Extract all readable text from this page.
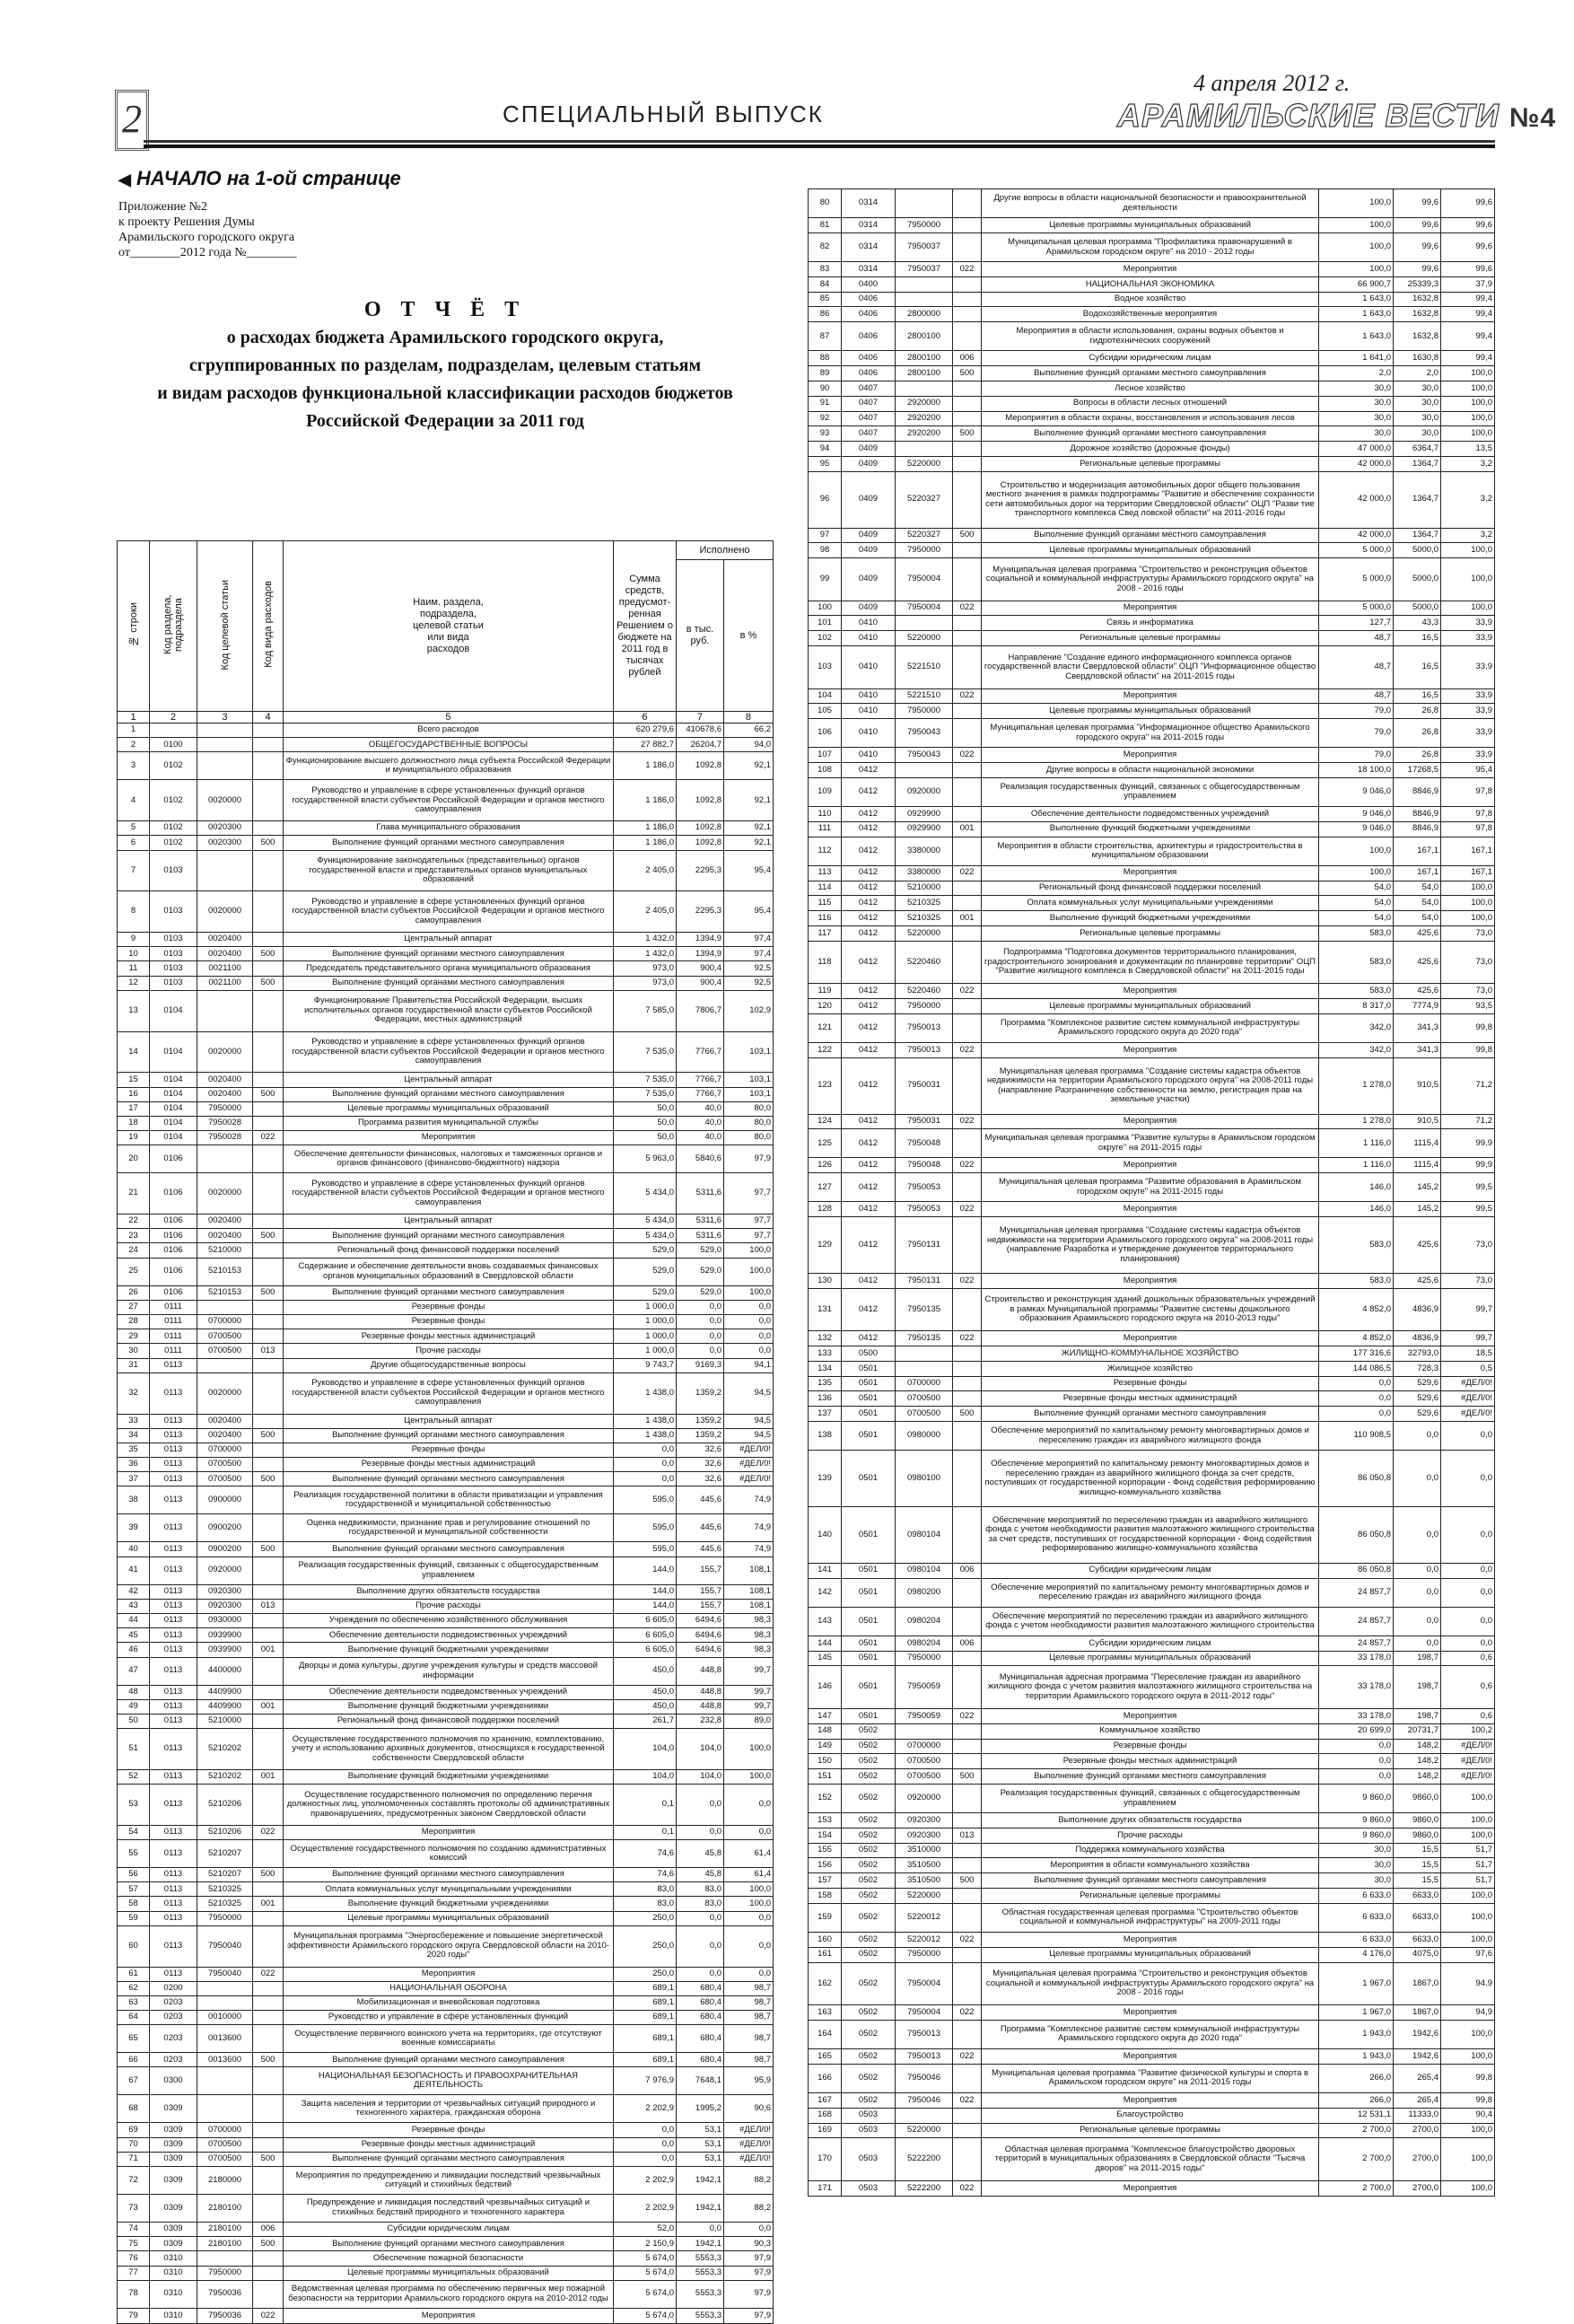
2	СПЕЦИАЛЬНЫЙ ВЫПУСК
4 апреля 2012 г.
АРАМИЛЬСКИЕ ВЕСТИ №4
◀ НАЧАЛО на 1-ой странице
Приложение №2
к проекту Решения Думы
Арамильского городского округа
от________2012 года №________
О Т Ч Ё Т
о расходах бюджета Арамильского городского округа,
сгруппированных по разделам, подразделам, целевым статьям
и видам расходов функциональной классификации расходов бюджетов
Российской Федерации за 2011 год
№ строки	Код раздела, подраздела	Код целевой статьи	Код вида расходов	Наим. раздела, подраздела, целевой статьи или вида расходов	Сумма средств, предусмот-ренная Решением о бюджете на 2011 год в тысячах рублей	Исполнено	
						в тыс. руб.	в %
1	2	3	4	5	6	7	8
1				Всего расходов	620 279,6	410678,6	66,2
2	0100			ОБЩЕГОСУДАРСТВЕННЫЕ ВОПРОСЫ	27 882,7	26204,7	94,0
3	0102			Функционирование высшего должностного лица субъекта Российской Федерации и муниципального образования	1 186,0	1092,8	92,1
4	0102	0020000		Руководство и управление в сфере установленных функций органов государственной власти субъектов Российской Федерации и органов местного самоуправления	1 186,0	1092,8	92,1
5	0102	0020300		Глава муниципального образования	1 186,0	1092,8	92,1
6	0102	0020300	500	Выполнение функций органами местного самоуправления	1 186,0	1092,8	92,1
7	0103			Функционирование законодательных (представительных) органов государственной власти и представительных органов муниципальных образований	2 405,0	2295,3	95,4
8	0103	0020000		Руководство и управление в сфере установленных функций органов государственной власти субъектов Российской Федерации и органов местного самоуправления	2 405,0	2295,3	95,4
9	0103	0020400		Центральный аппарат	1 432,0	1394,9	97,4
10	0103	0020400	500	Выполнение функций органами местного самоуправления	1 432,0	1394,9	97,4
11	0103	0021100		Председатель представительного органа муниципального образования	973,0	900,4	92,5
12	0103	0021100	500	Выполнение функций органами местного самоуправления	973,0	900,4	92,5
13	0104			Функционирование Правительства Российской Федерации, высших исполнительных органов государственной власти субъектов Российской Федерации, местных администраций	7 585,0	7806,7	102,9
14	0104	0020000		Руководство и управление в сфере установленных функций органов государственной власти субъектов Российской Федерации и органов местного самоуправления	7 535,0	7766,7	103,1
15	0104	0020400		Центральный аппарат	7 535,0	7766,7	103,1
16	0104	0020400	500	Выполнение функций органами местного самоуправления	7 535,0	7766,7	103,1
17	0104	7950000		Целевые программы муниципальных образований	50,0	40,0	80,0
18	0104	7950028		Программа развития муниципальной службы	50,0	40,0	80,0
19	0104	7950028	022	Мероприятия	50,0	40,0	80,0
20	0106			Обеспечение деятельности финансовых, налоговых и таможенных органов и органов финансового (финансово-бюджетного) надзора	5 963,0	5840,6	97,9
21	0106	0020000		Руководство и управление в сфере установленных функций органов государственной власти субъектов Российской Федерации и органов местного самоуправления	5 434,0	5311,6	97,7
22	0106	0020400		Центральный аппарат	5 434,0	5311,6	97,7
23	0106	0020400	500	Выполнение функций органами местного самоуправления	5 434,0	5311,6	97,7
24	0106	5210000		Региональный фонд финансовой поддержки поселений	529,0	529,0	100,0
25	0106	5210153		Содержание и обеспечение деятельности вновь создаваемых финансовых органов муниципальных образований в Свердловской области	529,0	529,0	100,0
26	0106	5210153	500	Выполнение функций органами местного самоуправления	529,0	529,0	100,0
27	0111			Резервные фонды	1 000,0	0,0	0,0
28	0111	0700000		Резервные фонды	1 000,0	0,0	0,0
29	0111	0700500		Резервные фонды местных администраций	1 000,0	0,0	0,0
30	0111	0700500	013	Прочие расходы	1 000,0	0,0	0,0
31	0113			Другие общегосударственные вопросы	9 743,7	9169,3	94,1
32	0113	0020000		Руководство и управление в сфере установленных функций органов государственной власти субъектов Российской Федерации и органов местного самоуправления	1 438,0	1359,2	94,5
33	0113	0020400		Центральный аппарат	1 438,0	1359,2	94,5
34	0113	0020400	500	Выполнение функций органами местного самоуправления	1 438,0	1359,2	94,5
35	0113	0700000		Резервные фонды	0,0	32,6	#ДЕЛ/0!
36	0113	0700500		Резервные фонды местных администраций	0,0	32,6	#ДЕЛ/0!
37	0113	0700500	500	Выполнение функций органами местного самоуправления	0,0	32,6	#ДЕЛ/0!
38	0113	0900000		Реализация государственной политики в области приватизации и управления государственной и муниципальной собственностью	595,0	445,6	74,9
39	0113	0900200		Оценка недвижимости, признание прав и регулирование отношений по государственной и муниципальной собственности	595,0	445,6	74,9
40	0113	0900200	500	Выполнение функций органами местного самоуправления	595,0	445,6	74,9
41	0113	0920000		Реализация государственных функций, связанных с общегосударственным управлением	144,0	155,7	108,1
42	0113	0920300		Выполнение других обязательств государства	144,0	155,7	108,1
43	0113	0920300	013	Прочие расходы	144,0	155,7	108,1
44	0113	0930000		Учреждения по обеспечению хозяйственного обслуживания	6 605,0	6494,6	98,3
45	0113	0939900		Обеспечение деятельности подведомственных учреждений	6 605,0	6494,6	98,3
46	0113	0939900	001	Выполнение функций бюджетными учреждениями	6 605,0	6494,6	98,3
47	0113	4400000		Дворцы и дома культуры, другие учреждения культуры и средств массовой информации	450,0	448,8	99,7
48	0113	4409900		Обеспечение деятельности подведомственных учреждений	450,0	448,8	99,7
49	0113	4409900	001	Выполнение функций бюджетными учреждениями	450,0	448,8	99,7
50	0113	5210000		Региональный фонд финансовой поддержки поселений	261,7	232,8	89,0
51	0113	5210202		Осуществление государственного полномочия по хранению, комплектованию, учету и использованию архивных документов, относящихся к государственной собственности Свердловской области	104,0	104,0	100,0
52	0113	5210202	001	Выполнение функций бюджетными учреждениями	104,0	104,0	100,0
53	0113	5210206		Осуществление государственного полномочия по определению перечня должностных лиц, уполномоченных составлять протоколы об административных правонарушениях, предусмотренных законом Свердловской области	0,1	0,0	0,0
54	0113	5210206	022	Мероприятия	0,1	0,0	0,0
55	0113	5210207		Осуществление государственного полномочия по созданию административных комиссий	74,6	45,8	61,4
56	0113	5210207	500	Выполнение функций органами местного самоуправления	74,6	45,8	61,4
57	0113	5210325		Оплата коммунальных услуг муниципальными учреждениями	83,0	83,0	100,0
58	0113	5210325	001	Выполнение функций бюджетными учреждениями	83,0	83,0	100,0
59	0113	7950000		Целевые программы муниципальных образований	250,0	0,0	0,0
60	0113	7950040		Муниципальная программа "Энергосбережение и повышение энергетической эффективности Арамильского городского округа Свердловской области на 2010-2020 годы"	250,0	0,0	0,0
61	0113	7950040	022	Мероприятия	250,0	0,0	0,0
62	0200			НАЦИОНАЛЬНАЯ ОБОРОНА	689,1	680,4	98,7
63	0203			Мобилизационная и вневойсковая подготовка	689,1	680,4	98,7
64	0203	0010000		Руководство и управление в сфере установленных функций	689,1	680,4	98,7
65	0203	0013600		Осуществление первичного воинского учета на территориях, где отсутствуют военные комиссариаты	689,1	680,4	98,7
66	0203	0013600	500	Выполнение функций органами местного самоуправления	689,1	680,4	98,7
67	0300			НАЦИОНАЛЬНАЯ БЕЗОПАСНОСТЬ И ПРАВООХРАНИТЕЛЬНАЯ ДЕЯТЕЛЬНОСТЬ	7 976,9	7648,1	95,9
68	0309			Защита населения и территории от чрезвычайных ситуаций природного и техногенного характера, гражданская оборона	2 202,9	1995,2	90,6
69	0309	0700000		Резервные фонды	0,0	53,1	#ДЕЛ/0!
70	0309	0700500		Резервные фонды местных администраций	0,0	53,1	#ДЕЛ/0!
71	0309	0700500	500	Выполнение функций органами местного самоуправления	0,0	53,1	#ДЕЛ/0!
72	0309	2180000		Мероприятия по предупреждению и ликвидации последствий чрезвычайных ситуаций и стихийных бедствий	2 202,9	1942,1	88,2
73	0309	2180100		Предупреждение и ликвидация последствий чрезвычайных ситуаций и стихийных бедствий природного и техногенного характера	2 202,9	1942,1	88,2
74	0309	2180100	006	Субсидии юридическим лицам	52,0	0,0	0,0
75	0309	2180100	500	Выполнение функций органами местного самоуправления	2 150,9	1942,1	90,3
76	0310			Обеспечение пожарной безопасности	5 674,0	5553,3	97,9
77	0310	7950000		Целевые программы муниципальных образований	5 674,0	5553,3	97,9
78	0310	7950036		Ведомственная целевая программа по обеспечению первичных мер пожарной безопасности на территории Арамильского городского округа на 2010-2012 годы	5 674,0	5553,3	97,9
79	0310	7950036	022	Мероприятия	5 674,0	5553,3	97,9
80	0314			Другие вопросы в области национальной безопасности и правоохранительной деятельности	100,0	99,6	99,6
81	0314	7950000		Целевые программы муниципальных образований	100,0	99,6	99,6
82	0314	7950037		Муниципальная целевая программа "Профилактика правонарушений в Арамильском городском округе" на 2010 - 2012 годы	100,0	99,6	99,6
83	0314	7950037	022	Мероприятия	100,0	99,6	99,6
84	0400			НАЦИОНАЛЬНАЯ ЭКОНОМИКА	66 900,7	25339,3	37,9
85	0406			Водное хозяйство	1 643,0	1632,8	99,4
86	0406	2800000		Водохозяйственные мероприятия	1 643,0	1632,8	99,4
87	0406	2800100		Мероприятия в области использования, охраны водных объектов и гидротехнических сооружений	1 643,0	1632,8	99,4
88	0406	2800100	006	Субсидии юридическим лицам	1 641,0	1630,8	99,4
89	0406	2800100	500	Выполнение функций органами местного самоуправления	2,0	2,0	100,0
90	0407			Лесное хозяйство	30,0	30,0	100,0
91	0407	2920000		Вопросы в области лесных отношений	30,0	30,0	100,0
92	0407	2920200		Мероприятия в области охраны, восстановления и использования лесов	30,0	30,0	100,0
93	0407	2920200	500	Выполнение функций органами местного самоуправления	30,0	30,0	100,0
94	0409			Дорожное хозяйство (дорожные фонды)	47 000,0	6364,7	13,5
95	0409	5220000		Региональные целевые программы	42 000,0	1364,7	3,2
96	0409	5220327		Строительство и модернизация автомобильных дорог общего пользования местного значения в рамках подпрограммы "Развитие и обеспечение сохранности сети автомобильных дорог на территории Свердловской области" ОЦП "Разви тие транспортного комплекса Свед ловской области" на 2011-2016 годы	42 000,0	1364,7	3,2
97	0409	5220327	500	Выполнение функций органами местного самоуправления	42 000,0	1364,7	3,2
98	0409	7950000		Целевые программы муниципальных образований	5 000,0	5000,0	100,0
99	0409	7950004		Муниципальная целевая программа "Строительство и реконструкция объектов социальной и коммунальной инфраструктуры Арамильского городского округа" на 2008 - 2016 годы	5 000,0	5000,0	100,0
100	0409	7950004	022	Мероприятия	5 000,0	5000,0	100,0
101	0410			Связь и информатика	127,7	43,3	33,9
102	0410	5220000		Региональные целевые программы	48,7	16,5	33,9
103	0410	5221510		Направление "Создание единого информационного комплекса органов государственной власти Свердловской области" ОЦП "Информационное общество Свердловской области" на 2011-2015 годы	48,7	16,5	33,9
104	0410	5221510	022	Мероприятия	48,7	16,5	33,9
105	0410	7950000		Целевые программы муниципальных образований	79,0	26,8	33,9
106	0410	7950043		Муниципальная целевая программа "Информационное общество Арамильского городского округа" на 2011-2015 годы	79,0	26,8	33,9
107	0410	7950043	022	Мероприятия	79,0	26,8	33,9
108	0412			Другие вопросы в области национальной экономики	18 100,0	17268,5	95,4
109	0412	0920000		Реализация государственных функций, связанных с общегосударственным управлением	9 046,0	8846,9	97,8
110	0412	0929900		Обеспечение деятельности подведомственных учреждений	9 046,0	8846,9	97,8
111	0412	0929900	001	Выполнение функций бюджетными учреждениями	9 046,0	8846,9	97,8
112	0412	3380000		Мероприятия в области строительства, архитектуры и градостроительства в муниципальном образовании	100,0	167,1	167,1
113	0412	3380000	022	Мероприятия	100,0	167,1	167,1
114	0412	5210000		Региональный фонд финансовой поддержки поселений	54,0	54,0	100,0
115	0412	5210325		Оплата коммунальных услуг муниципальными учреждениями	54,0	54,0	100,0
116	0412	5210325	001	Выполнение функций бюджетными учреждениями	54,0	54,0	100,0
117	0412	5220000		Региональные целевые программы	583,0	425,6	73,0
118	0412	5220460		Подпрограмма "Подготовка документов территориального планирования, градостроительного зонирования и документации по планировке территории" ОЦП "Развитие жилищного комплекса в Свердловской области" на 2011-2015 годы	583,0	425,6	73,0
119	0412	5220460	022	Мероприятия	583,0	425,6	73,0
120	0412	7950000		Целевые программы муниципальных образований	8 317,0	7774,9	93,5
121	0412	7950013		Программа "Комплексное развитие систем коммунальной инфраструктуры Арамильского городского округа до 2020 года"	342,0	341,3	99,8
122	0412	7950013	022	Мероприятия	342,0	341,3	99,8
123	0412	7950031		Муниципальная целевая программа "Создание системы кадастра объектов недвижимости на территории Арамильского городского округа" на 2008-2011 годы (направление Разграничение собственности на землю, регистрация прав на земельные участки)	1 278,0	910,5	71,2
124	0412	7950031	022	Мероприятия	1 278,0	910,5	71,2
125	0412	7950048		Муниципальная целевая программа "Развитие культуры в Арамильском городском округе" на 2011-2015 годы	1 116,0	1115,4	99,9
126	0412	7950048	022	Мероприятия	1 116,0	1115,4	99,9
127	0412	7950053		Муниципальная целевая программа "Развитие образования в Арамильском городском округе" на 2011-2015 годы	146,0	145,2	99,5
128	0412	7950053	022	Мероприятия	146,0	145,2	99,5
129	0412	7950131		Муниципальная целевая программа "Создание системы кадастра объектов недвижимости на территории Арамильского городского округа" на 2008-2011 годы (направление Разработка и утверждение документов территориального планирования)	583,0	425,6	73,0
130	0412	7950131	022	Мероприятия	583,0	425,6	73,0
131	0412	7950135		Строительство и реконструкция зданий дошкольных образовательных учреждений в рамках Муниципальной программы "Развитие системы дошкольного образования Арамильского городского округа на 2010-2013 годы"	4 852,0	4836,9	99,7
132	0412	7950135	022	Мероприятия	4 852,0	4836,9	99,7
133	0500			ЖИЛИЩНО-КОММУНАЛЬНОЕ ХОЗЯЙСТВО	177 316,6	32793,0	18,5
134	0501			Жилищное хозяйство	144 086,5	728,3	0,5
135	0501	0700000		Резервные фонды	0,0	529,6	#ДЕЛ/0!
136	0501	0700500		Резервные фонды местных администраций	0,0	529,6	#ДЕЛ/0!
137	0501	0700500	500	Выполнение функций органами местного самоуправления	0,0	529,6	#ДЕЛ/0!
138	0501	0980000		Обеспечение мероприятий по капитальному ремонту многоквартирных домов и переселению граждан из аварийного жилищного фонда	110 908,5	0,0	0,0
139	0501	0980100		Обеспечение мероприятий по капитальному ремонту многоквартирных домов и переселению граждан из аварийного жилищного фонда за счет средств, поступивших от государственной корпорации - Фонд содействия реформированию жилищно-коммунального хозяйства	86 050,8	0,0	0,0
140	0501	0980104		Обеспечение мероприятий по переселению граждан из аварийного жилищного фонда с учетом необходимости развития малоэтажного жилищного строительства за счет средств, поступивших от государственной корпорации - Фонд содействия реформированию жилищно-коммунального хозяйства	86 050,8	0,0	0,0
141	0501	0980104	006	Субсидии юридическим лицам	86 050,8	0,0	0,0
142	0501	0980200		Обеспечение мероприятий по капитальному ремонту многоквартирных домов и переселению граждан из аварийного жилищного фонда	24 857,7	0,0	0,0
143	0501	0980204		Обеспечение мероприятий по переселению граждан из аварийного жилищного фонда с учетом необходимости развития малоэтажного жилищного строительства	24 857,7	0,0	0,0
144	0501	0980204	006	Субсидии юридическим лицам	24 857,7	0,0	0,0
145	0501	7950000		Целевые программы муниципальных образований	33 178,0	198,7	0,6
146	0501	7950059		Муниципальная адресная программа "Переселение граждан из аварийного жилищного фонда с учетом развития малоэтажного жилищного строительства на территории Арамильского городского округа в 2011-2012 годы"	33 178,0	198,7	0,6
147	0501	7950059	022	Мероприятия	33 178,0	198,7	0,6
148	0502			Коммунальное хозяйство	20 699,0	20731,7	100,2
149	0502	0700000		Резервные фонды	0,0	148,2	#ДЕЛ/0!
150	0502	0700500		Резервные фонды местных администраций	0,0	148,2	#ДЕЛ/0!
151	0502	0700500	500	Выполнение функций органами местного самоуправления	0,0	148,2	#ДЕЛ/0!
152	0502	0920000		Реализация государственных функций, связанных с общегосударственным управлением	9 860,0	9860,0	100,0
153	0502	0920300		Выполнение других обязательств государства	9 860,0	9860,0	100,0
154	0502	0920300	013	Прочие расходы	9 860,0	9860,0	100,0
155	0502	3510000		Поддержка коммунального хозяйства	30,0	15,5	51,7
156	0502	3510500		Мероприятия в области коммунального хозяйства	30,0	15,5	51,7
157	0502	3510500	500	Выполнение функций органами местного самоуправления	30,0	15,5	51,7
158	0502	5220000		Региональные целевые программы	6 633,0	6633,0	100,0
159	0502	5220012		Областная государственная целевая программа "Строительство объектов социальной и коммунальной инфраструктуры" на 2009-2011 годы	6 633,0	6633,0	100,0
160	0502	5220012	022	Мероприятия	6 633,0	6633,0	100,0
161	0502	7950000		Целевые программы муниципальных образований	4 176,0	4075,0	97,6
162	0502	7950004		Муниципальная целевая программа "Строительство и реконструкция объектов социальной и коммунальной инфраструктуры Арамильского городского округа" на 2008 - 2016 годы	1 967,0	1867,0	94,9
163	0502	7950004	022	Мероприятия	1 967,0	1867,0	94,9
164	0502	7950013		Программа "Комплексное развитие систем коммунальной инфраструктуры Арамильского городского округа до 2020 года"	1 943,0	1942,6	100,0
165	0502	7950013	022	Мероприятия	1 943,0	1942,6	100,0
166	0502	7950046		Муниципальная целевая программа "Развитие физической культуры и спорта в Арамильском городском округе" на 2011-2015 годы	266,0	265,4	99,8
167	0502	7950046	022	Мероприятия	266,0	265,4	99,8
168	0503			Благоустройство	12 531,1	11333,0	90,4
169	0503	5220000		Региональные целевые программы	2 700,0	2700,0	100,0
170	0503	5222200		Областная целевая программа "Комплексное благоустройство дворовых территорий в муниципальных образованиях в Свердловской области "Тысяча дворов" на 2011-2015 годы"	2 700,0	2700,0	100,0
171	0503	5222200	022	Мероприятия	2 700,0	2700,0	100,0
